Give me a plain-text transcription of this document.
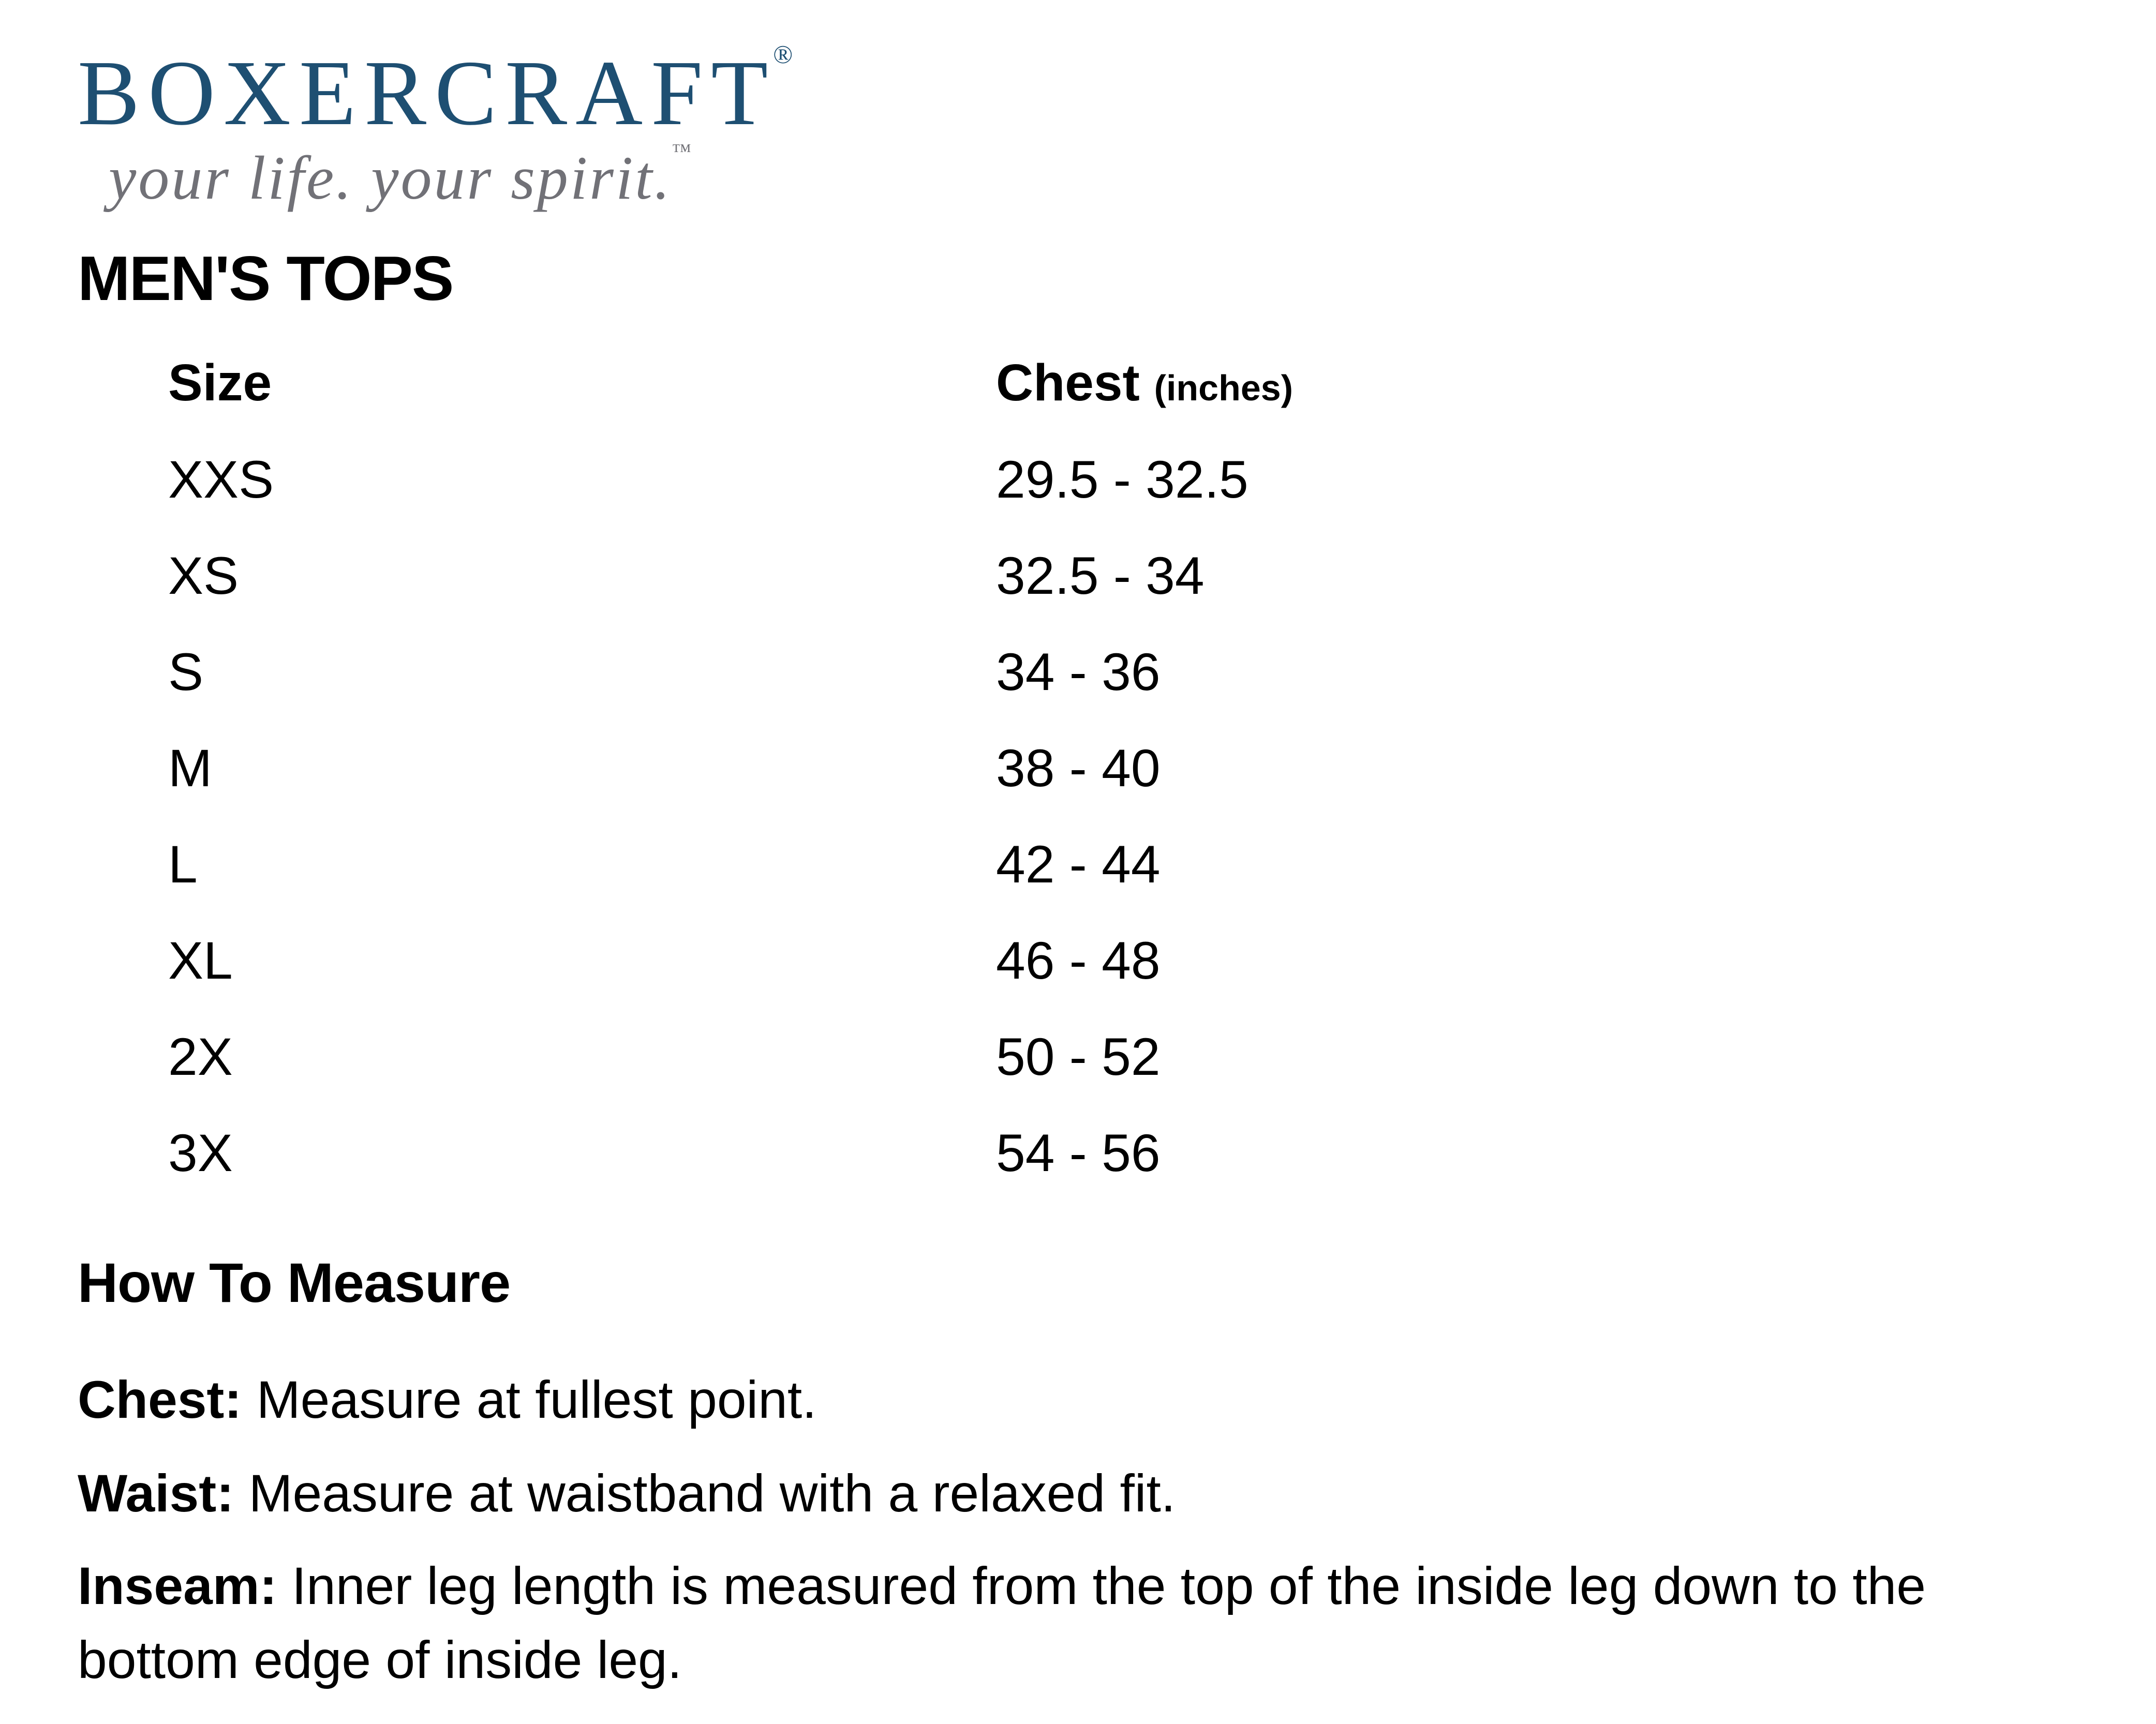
BOXERCRAFT®
your life. your spirit.™
MEN'S TOPS
Size	Chest (inches)
XXS	29.5 - 32.5
XS	32.5 - 34
S	34 - 36
M	38 - 40
L	42 - 44
XL	46 - 48
2X	50 - 52
3X	54 - 56
How To Measure

Chest: Measure at fullest point.

Waist: Measure at waistband with a relaxed fit.

Inseam: Inner leg length is measured from the top of the inside leg down to the bottom edge of inside leg.
